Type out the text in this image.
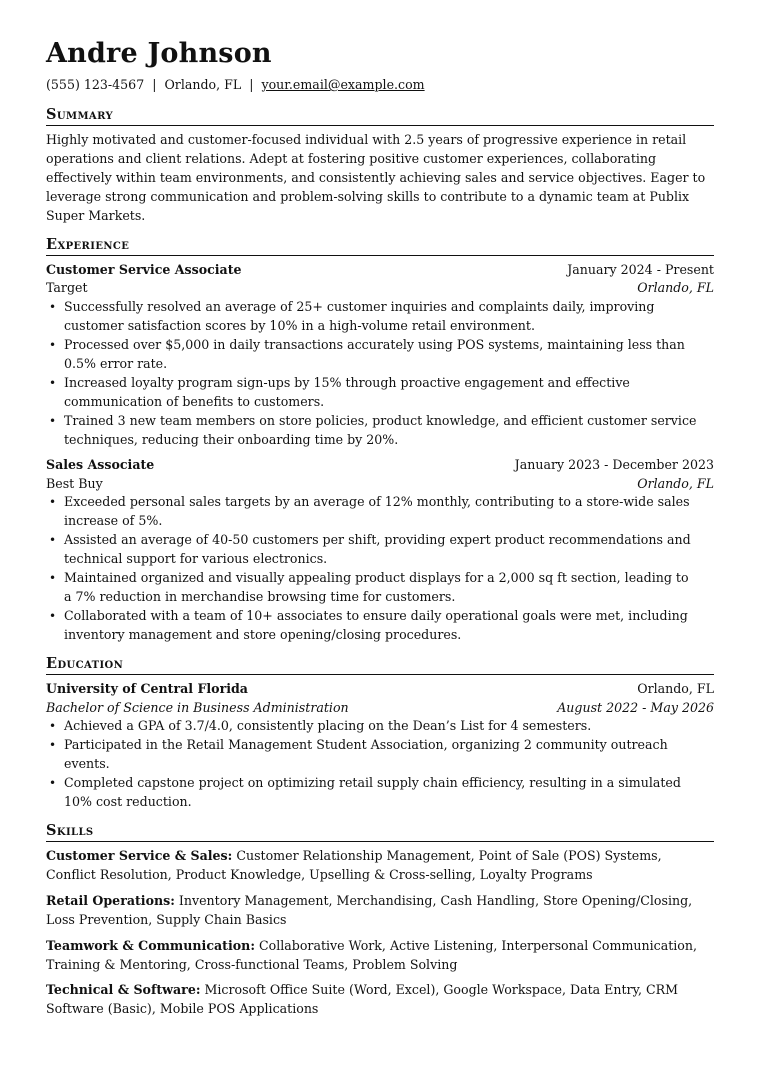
Andre Johnson
(555) 123-4567 | Orlando, FL | your.email@example.com
Summary

Highly motivated and customer-focused individual with 2.5 years of progressive experience in retail operations and client relations. Adept at fostering positive customer experiences, collaborating effectively within team environments, and consistently achieving sales and service objectives. Eager to leverage strong communication and problem-solving skills to contribute to a dynamic team at Publix Super Markets.

Experience
Customer Service Associate	January 2024 - Present
Target	Orlando, FL
• Successfully resolved an average of 25+ customer inquiries and complaints daily, improving customer satisfaction scores by 10% in a high-volume retail environment.
• Processed over $5,000 in daily transactions accurately using POS systems, maintaining less than 0.5% error rate.
• Increased loyalty program sign-ups by 15% through proactive engagement and effective communication of benefits to customers.
• Trained 3 new team members on store policies, product knowledge, and efficient customer service techniques, reducing their onboarding time by 20%.
Sales Associate	January 2023 - December 2023
Best Buy	Orlando, FL
• Exceeded personal sales targets by an average of 12% monthly, contributing to a store-wide sales increase of 5%.
• Assisted an average of 40-50 customers per shift, providing expert product recommendations and technical support for various electronics.
• Maintained organized and visually appealing product displays for a 2,000 sq ft section, leading to a 7% reduction in merchandise browsing time for customers.
• Collaborated with a team of 10+ associates to ensure daily operational goals were met, including inventory management and store opening/closing procedures.
Education
University of Central Florida	Orlando, FL
Bachelor of Science in Business Administration	August 2022 - May 2026
• Achieved a GPA of 3.7/4.0, consistently placing on the Dean’s List for 4 semesters.
• Participated in the Retail Management Student Association, organizing 2 community outreach events.
• Completed capstone project on optimizing retail supply chain efficiency, resulting in a simulated 10% cost reduction.
Skills

Customer Service & Sales: Customer Relationship Management, Point of Sale (POS) Systems, Conflict Resolution, Product Knowledge, Upselling & Cross-selling, Loyalty Programs

Retail Operations: Inventory Management, Merchandising, Cash Handling, Store Opening/Closing, Loss Prevention, Supply Chain Basics

Teamwork & Communication: Collaborative Work, Active Listening, Interpersonal Communication, Training & Mentoring, Cross-functional Teams, Problem Solving

Technical & Software: Microsoft Office Suite (Word, Excel), Google Workspace, Data Entry, CRM Software (Basic), Mobile POS Applications
